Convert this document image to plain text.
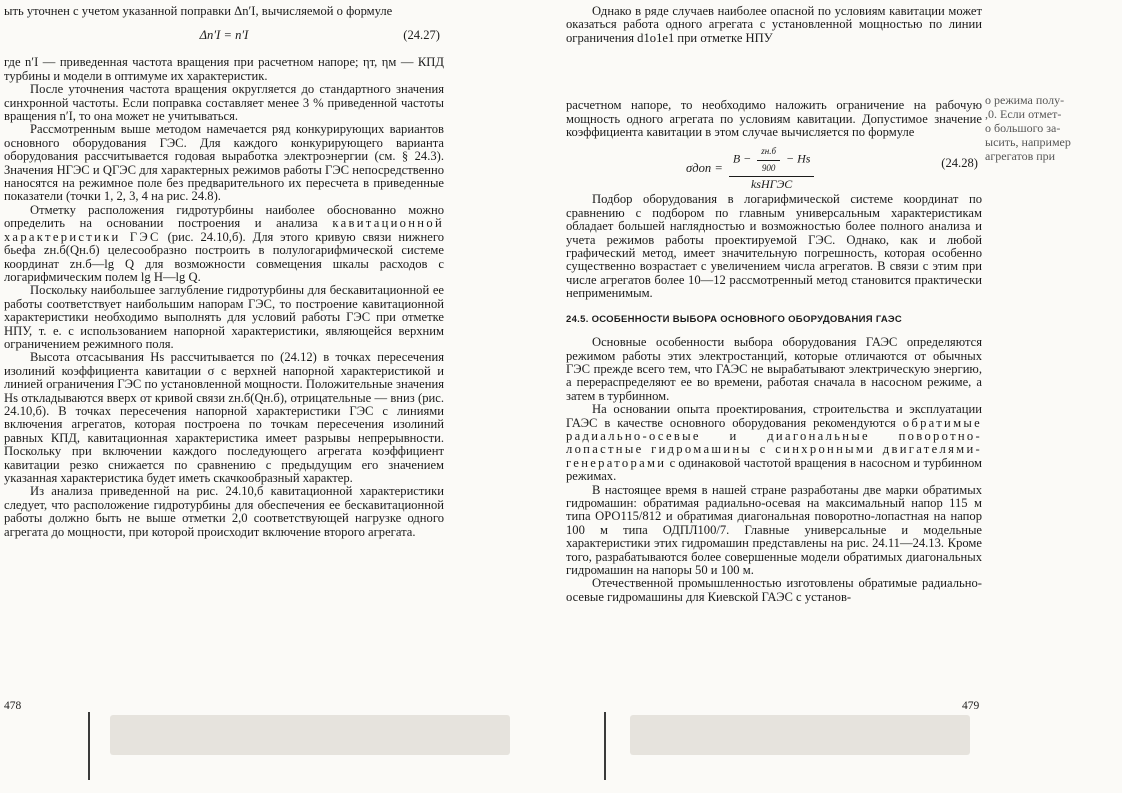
ыть уточнен с учетом указанной поправки Δn′I, вычисляемой о формуле

Δn′I = n′I	(24.27)

где n′I — приведенная частота вращения при расчетном напоре; ηт, ηм — КПД турбины и модели в оптимуме их характеристик.

После уточнения частота вращения округляется до стандартного значения синхронной частоты. Если поправка составляет менее 3 % приведенной частоты вращения n′I, то она может не учитываться.

Рассмотренным выше методом намечается ряд конкурирующих вариантов основного оборудования ГЭС. Для каждого конкурирующего варианта оборудования рассчитывается годовая выработка электроэнергии (см. § 24.3). Значения HГЭС и QГЭС для характерных режимов работы ГЭС непосредственно наносятся на режимное поле без предварительного их пересчета в приведенные показатели (точки 1, 2, 3, 4 на рис. 24.8).

Отметку расположения гидротурбины наиболее обоснованно можно определить на основании построения и анализа кавитационной характеристики ГЭС (рис. 24.10,б). Для этого кривую связи нижнего бьефа zн.б(Qн.б) целесообразно построить в полулогарифмической системе координат zн.б—lg Q для возможности совмещения шкалы расходов с логарифмическим полем lg H—lg Q.

Поскольку наибольшее заглубление гидротурбины для бескавитационной ее работы соответствует наибольшим напорам ГЭС, то построение кавитационной характеристики необходимо выполнять для условий работы ГЭС при отметке НПУ, т. е. с использованием напорной характеристики, являющейся верхним ограничением режимного поля.

Высота отсасывания Hs рассчитывается по (24.12) в точках пересечения изолиний коэффициента кавитации σ с верхней напорной характеристикой и линией ограничения ГЭС по установленной мощности. Положительные значения Hs откладываются вверх от кривой связи zн.б(Qн.б), отрицательные — вниз (рис. 24.10,б). В точках пересечения напорной характеристики ГЭС с линиями включения агрегатов, которая построена по точкам пересечения изолиний равных КПД, кавитационная характеристика имеет разрывы непрерывности. Поскольку при включении каждого последующего агрегата коэффициент кавитации резко снижается по сравнению с предыдущим его значением указанная характеристика будет иметь скачкообразный характер.

Из анализа приведенной на рис. 24.10,б кавитационной характеристики следует, что расположение гидротурбины для обеспечения ее бескавитационной работы должно быть не выше отметки 2,0 соответствующей нагрузке одного агрегата до мощности, при которой происходит включение второго агрегата.

478

Однако в ряде случаев наиболее опасной по условиям кавитации может оказаться работа одного агрегата с установленной мощностью по линии ограничения d1o1e1 при отметке НПУ

расчетном напоре, то необходимо наложить ограничение на рабочую мощность одного агрегата по условиям кавитации. Допустимое значение коэффициента кавитации в этом случае вычисляется по формуле

σдоп =
$B - \frac{zн.б}{900} - Hs$
ksHГЭС
(24.28)

Подбор оборудования в логарифмической системе координат по сравнению с подбором по главным универсальным характеристикам обладает большей наглядностью и возможностью более полного анализа и учета режимов работы проектируемой ГЭС. Однако, как и любой графический метод, имеет значительную погрешность, которая особенно существенно возрастает с увеличением числа агрегатов. В связи с этим при числе агрегатов более 10—12 рассмотренный метод становится практически неприменимым.

24.5. ОСОБЕННОСТИ ВЫБОРА ОСНОВНОГО ОБОРУДОВАНИЯ ГАЭС

Основные особенности выбора оборудования ГАЭС определяются режимом работы этих электростанций, которые отличаются от обычных ГЭС прежде всего тем, что ГАЭС не вырабатывают электрическую энергию, а перераспределяют ее во времени, работая сначала в насосном режиме, а затем в турбинном.

На основании опыта проектирования, строительства и эксплуатации ГАЭС в качестве основного оборудования рекомендуются обратимые радиально-осевые и диагональные поворотно-лопастные гидромашины с синхронными двигателями-генераторами с одинаковой частотой вращения в насосном и турбинном режимах.

В настоящее время в нашей стране разработаны две марки обратимых гидромашин: обратимая радиально-осевая на максимальный напор 115 м типа ОРО115/812 и обратимая диагональная поворотно-лопастная на напор 100 м типа ОДПЛ100/7. Главные универсальные и модельные характеристики этих гидромашин представлены на рис. 24.11—24.13. Кроме того, разрабатываются более совершенные модели обратимых диагональных гидромашин на напоры 50 и 100 м.

Отечественной промышленностью изготовлены обратимые радиально-осевые гидромашины для Киевской ГАЭС с установ-

479
о режима полу-
,0. Если отмет-
о большого за-
ысить, например
агрегатов при
